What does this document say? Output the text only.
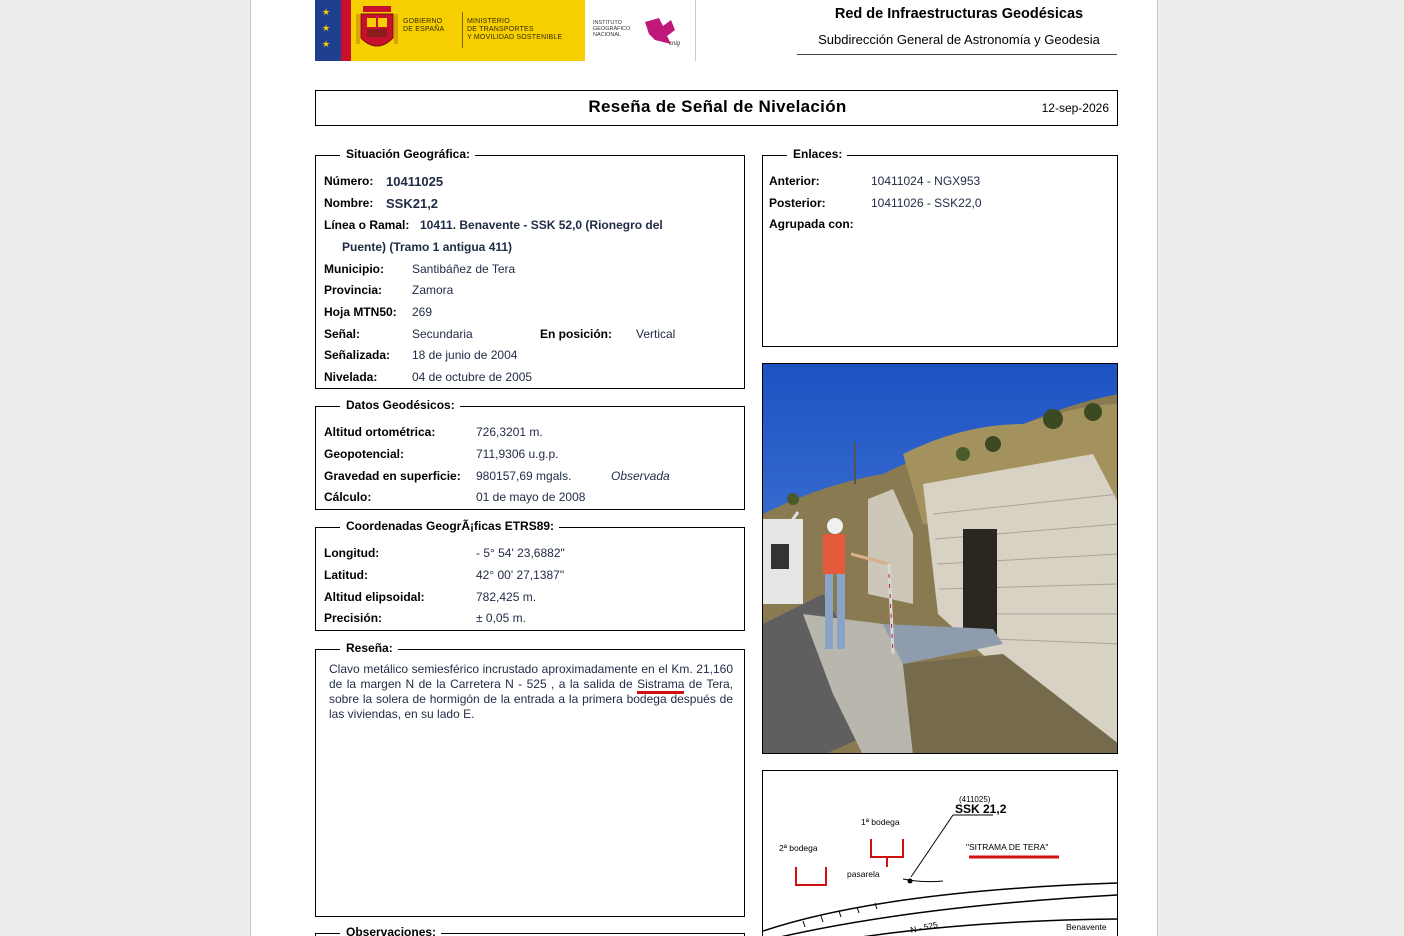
★
★
★
GOBIERNO
DE ESPAÑA
MINISTERIO
DE TRANSPORTES
Y MOVILIDAD SOSTENIBLE
INSTITUTO
GEOGRÁFICO
NACIONAL
cnig
Red de Infraestructuras Geodésicas
Subdirección General de Astronomía y Geodesia
Reseña de Señal de Nivelación	12-sep-2026
Situación Geográfica:
Número: 10411025
Nombre: SSK21,2
Línea o Ramal: 10411. Benavente - SSK 52,0 (Rionegro del
Puente) (Tramo 1 antigua 411)
Municipio: Santibáñez de Tera
Provincia: Zamora
Hoja MTN50: 269
Señal:	Secundaria	En posición: Vertical
Señalizada: 18 de junio de 2004
Nivelada:	04 de octubre de 2005
Enlaces:
Anterior:	10411024 - NGX953
Posterior:	10411026 - SSK22,0
Agrupada con:
Datos Geodésicos:
Altitud ortométrica:	726,3201 m.
Geopotencial:	711,9306 u.g.p.
Gravedad en superficie: 980157,69 mgals.	Observada
Cálculo:	01 de mayo de 2008
Coordenadas GeogrÃ¡ficas ETRS89:
Longitud:	- 5° 54' 23,6882"
Latitud:	42° 00' 27,1387"
Altitud elipsoidal:	782,425 m.
Precisión:	± 0,05 m.
Reseña:
Clavo metálico semiesférico incrustado aproximadamente en el Km. 21,160 de la margen N de la Carretera N - 525 , a la salida de Sistrama de Tera, sobre la solera de hormigón de la entrada a la primera bodega después de las viviendas, en su lado E.
Observaciones:
(411025)
SSK 21,2
1ª bodega
2ª bodega
pasarela
"SITRAMA DE TERA"
N - 525	Benavente
